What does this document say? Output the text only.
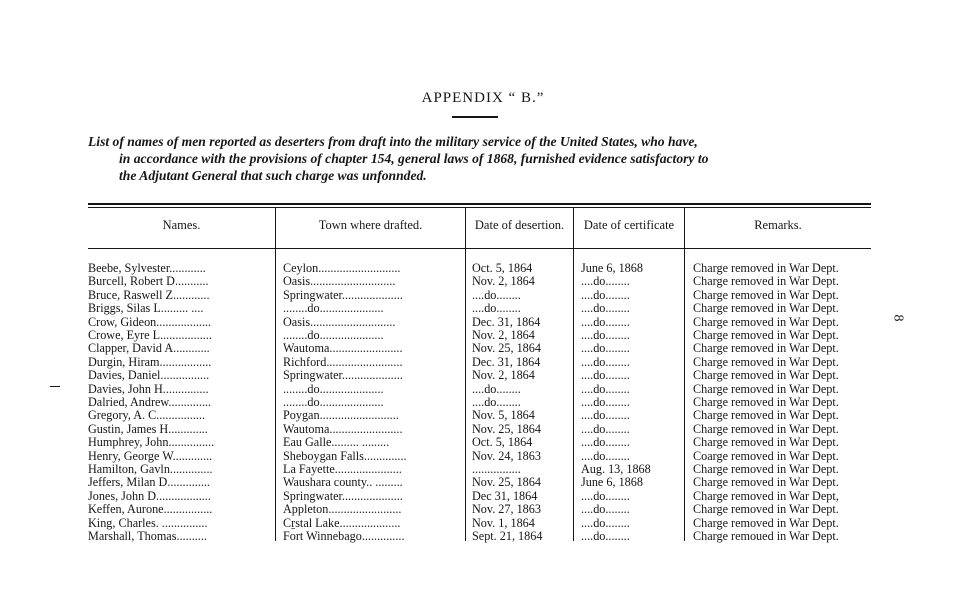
APPENDIX “ B.”
List of names of men reported as deserters from draft into the military service of the United States, who have,
in accordance with the provisions of chapter 154, general laws of 1868, furnished evidence satisfactory to
the Adjutant General that such charge was unfonnded.
8
Names.	Town where drafted.	Date of desertion.	Date of certificate	Remarks.
Beebe, Sylvester............	Ceylon...........................	Oct. 5, 1864	June 6, 1868	Charge removed in War Dept.
Burcell, Robert D...........	Oasis............................	Nov. 2, 1864	....do........	Charge removed in War Dept.
Bruce, Raswell Z............	Springwater....................	....do........	....do........	Charge removed in War Dept.
Briggs, Silas L......... ....	........do.....................	....do........	....do........	Charge removed in War Dept.
Crow, Gideon..................	Oasis............................	Dec. 31, 1864	....do........	Charge removed in War Dept.
Crowe, Eyre L.................	........do.....................	Nov. 2, 1864	....do........	Charge removed in War Dept.
Clapper, David A............	Wautoma........................	Nov. 25, 1864	....do........	Charge removed in War Dept.
Durgin, Hiram.................	Richford.........................	Dec. 31, 1864	....do........	Charge removed in War Dept.
Davies, Daniel................	Springwater....................	Nov. 2, 1864	....do........	Charge removed in War Dept.
Davies, John H...............	........do.....................	....do........	....do........	Charge removed in War Dept.
Dalried, Andrew..............	........do.....................	....do........	....do........	Charge removed in War Dept.
Gregory, A. C................	Poygan..........................	Nov. 5, 1864	....do........	Charge removed in War Dept.
Gustin, James H.............	Wautoma........................	Nov. 25, 1864	....do........	Charge removed in War Dept.
Humphrey, John...............	Eau Galle......... .........	Oct. 5, 1864	....do........	Charge removed in War Dept.
Henry, George W.............	Sheboygan Falls..............	Nov. 24, 1863	....do........	Coarge removed in War Dept.
Hamilton, Gavln..............	La Fayette......................	................	Aug. 13, 1868	Charge removed in War Dept.
Jeffers, Milan D..............	Waushara county.. .........	Nov. 25, 1864	June 6, 1868	Charge removed in War Dept.
Jones, John D..................	Springwater....................	Dec 31, 1864	....do........	Charge removed in War Dept,
Keffen, Aurone................	Appleton........................	Nov. 27, 1863	....do........	Charge removed in War Dept.
King, Charles. ...............	Cṟstal Lake....................	Nov. 1, 1864	....do........	Charge removed in War Dept.
Marshall, Thomas..........	Fort Winnebago..............	Sept. 21, 1864	....do........	Charge remoued in War Dept.
